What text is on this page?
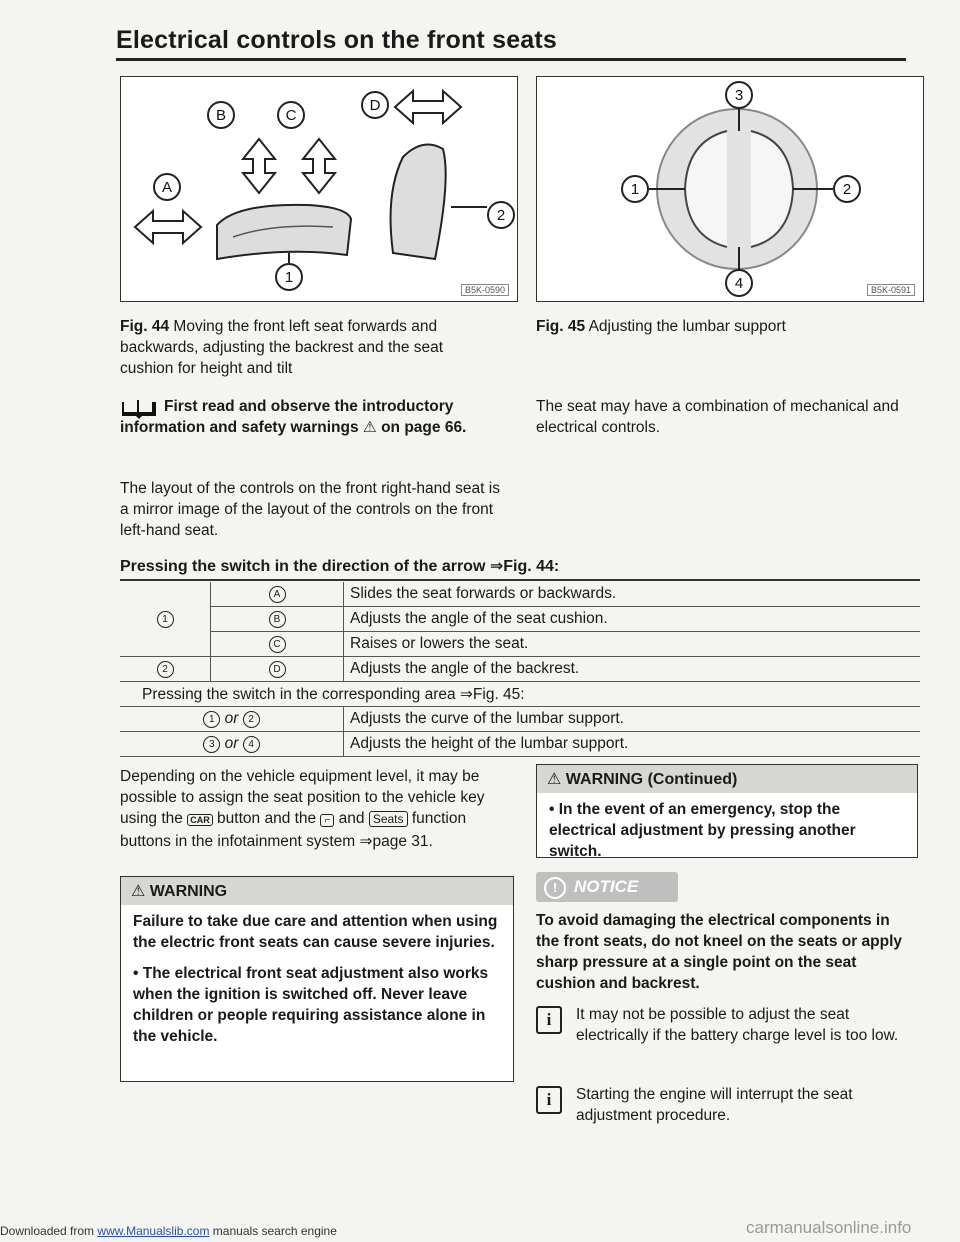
Electrical controls on the front seats
B	C
D
A
2
1
B5K-0590
3
4
1	2
B5K-0591
Fig. 44 Moving the front left seat forwards and backwards, adjusting the backrest and the seat cushion for height and tilt
Fig. 45 Adjusting the lumbar support
First read and observe the introductory information and safety warnings ⚠ on page 66.
The layout of the controls on the front right-hand seat is a mirror image of the layout of the controls on the front left-hand seat.
The seat may have a combination of mechanical and electrical controls.
Pressing the switch in the direction of the arrow ⇒Fig. 44:
1	A	Slides the seat forwards or backwards.
	B	Adjusts the angle of the seat cushion.
	C	Raises or lowers the seat.
2	D	Adjusts the angle of the backrest.
Pressing the switch in the corresponding area ⇒Fig. 45:		
1 or 2		Adjusts the curve of the lumbar support.
3 or 4		Adjusts the height of the lumbar support.
Depending on the vehicle equipment level, it may be possible to assign the seat position to the vehicle key using the CAR button and the ⌐ and Seats function buttons in the infotainment system ⇒page 31.
⚠ WARNING
Failure to take due care and attention when using the electric front seats can cause severe injuries.
• The electrical front seat adjustment also works when the ignition is switched off. Never leave children or people requiring assistance alone in the vehicle.
⚠ WARNING (Continued)
• In the event of an emergency, stop the electrical adjustment by pressing another switch.
! NOTICE
To avoid damaging the electrical components in the front seats, do not kneel on the seats or apply sharp pressure at a single point on the seat cushion and backrest.
i	It may not be possible to adjust the seat electrically if the battery charge level is too low.
i	Starting the engine will interrupt the seat adjustment procedure.
Downloaded from www.Manualslib.com manuals search engine	carmanualsonline.info
